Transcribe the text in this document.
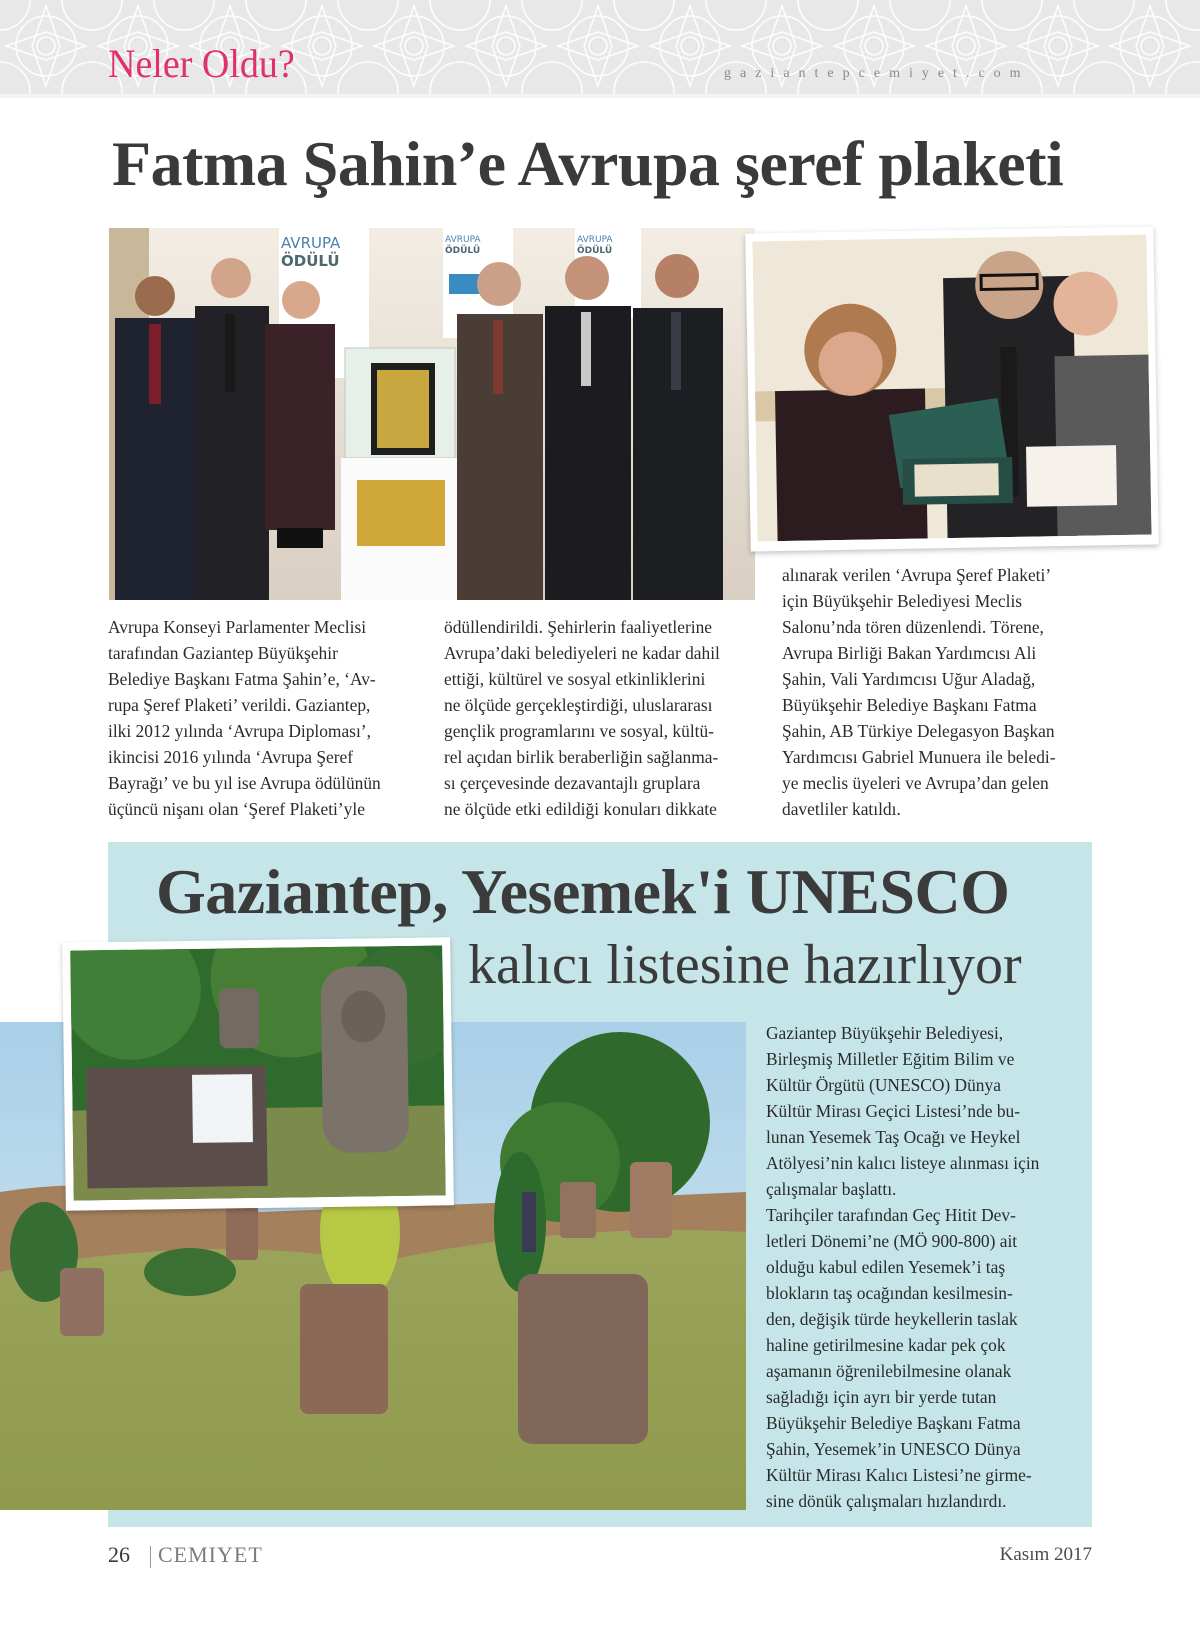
Neler Oldu?	gaziantepcemiyet.com
Fatma Şahin’e Avrupa şeref plaketi
AVRUPA
ÖDÜLÜ
AVRUPA
ÖDÜLÜ
AVRUPA
ÖDÜLÜ

Avrupa Konseyi Parlamenter Meclisi

tarafından Gaziantep Büyükşehir

Belediye Başkanı Fatma Şahin’e, ‘Av-

rupa Şeref Plaketi’ verildi. Gaziantep,

ilki 2012 yılında ‘Avrupa Diploması’,

ikincisi 2016 yılında ‘Avrupa Şeref

Bayrağı’ ve bu yıl ise Avrupa ödülünün

üçüncü nişanı olan ‘Şeref Plaketi’yle

ödüllendirildi. Şehirlerin faaliyetlerine

Avrupa’daki belediyeleri ne kadar dahil

ettiği, kültürel ve sosyal etkinliklerini

ne ölçüde gerçekleştirdiği, uluslararası

gençlik programlarını ve sosyal, kültü-

rel açıdan birlik beraberliğin sağlanma-

sı çerçevesinde dezavantajlı gruplara

ne ölçüde etki edildiği konuları dikkate

alınarak verilen ‘Avrupa Şeref Plaketi’

için Büyükşehir Belediyesi Meclis

Salonu’nda tören düzenlendi. Törene,

Avrupa Birliği Bakan Yardımcısı Ali

Şahin, Vali Yardımcısı Uğur Aladağ,

Büyükşehir Belediye Başkanı Fatma

Şahin, AB Türkiye Delegasyon Başkan

Yardımcısı Gabriel Munuera ile beledi-

ye meclis üyeleri ve Avrupa’dan gelen

davetliler katıldı.

Gaziantep, Yesemek'i UNESCO
kalıcı listesine hazırlıyor

Gaziantep Büyükşehir Belediyesi,

Birleşmiş Milletler Eğitim Bilim ve

Kültür Örgütü (UNESCO) Dünya

Kültür Mirası Geçici Listesi’nde bu-

lunan Yesemek Taş Ocağı ve Heykel

Atölyesi’nin kalıcı listeye alınması için

çalışmalar başlattı.

Tarihçiler tarafından Geç Hitit Dev-

letleri Dönemi’ne (MÖ 900-800) ait

olduğu kabul edilen Yesemek’i taş

blokların taş ocağından kesilmesin-

den, değişik türde heykellerin taslak

haline getirilmesine kadar pek çok

aşamanın öğrenilebilmesine olanak

sağladığı için ayrı bir yerde tutan

Büyükşehir Belediye Başkanı Fatma

Şahin, Yesemek’in UNESCO Dünya

Kültür Mirası Kalıcı Listesi’ne girme-

sine dönük çalışmaları hızlandırdı.

26 CEMIYET	Kasım 2017
